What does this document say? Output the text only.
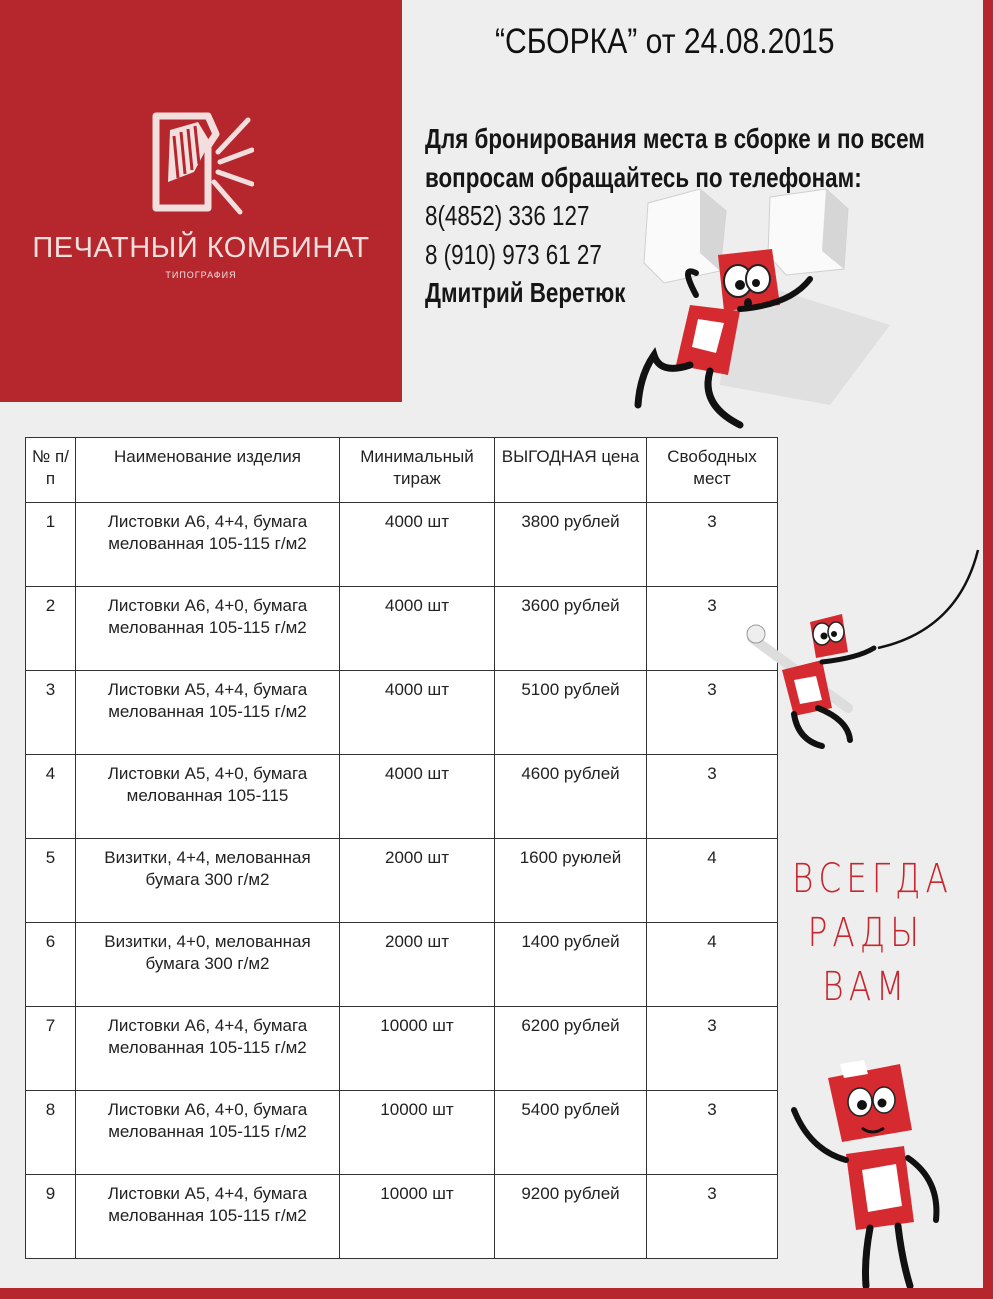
ПЕЧАТНЫЙ КОМБИНАТ
ТИПОГРАФИЯ
“СБОРКА” от 24.08.2015
Для бронирования места в сборке и по всем
вопросам обращайтесь по телефонам:
8(4852) 336 127
8 (910) 973 61 27
Дмитрий Веретюк
№ п/п	Наименование изделия	Минимальный тираж	ВЫГОДНАЯ цена	Свободных мест
1	Листовки А6, 4+4, бумага мелованная 105-115 г/м2	4000 шт	3800 рублей	3
2	Листовки А6, 4+0, бумага мелованная 105-115 г/м2	4000 шт	3600 рублей	3
3	Листовки А5, 4+4, бумага мелованная 105-115 г/м2	4000 шт	5100 рублей	3
4	Листовки А5, 4+0, бумага мелованная 105-115	4000 шт	4600 рублей	3
5	Визитки, 4+4, мелованная бумага 300 г/м2	2000 шт	1600 руюлей	4
6	Визитки, 4+0, мелованная бумага 300 г/м2	2000 шт	1400 рублей	4
7	Листовки А6, 4+4, бумага мелованная 105-115 г/м2	10000 шт	6200 рублей	3
8	Листовки А6, 4+0, бумага мелованная 105-115 г/м2	10000 шт	5400 рублей	3
9	Листовки А5, 4+4, бумага мелованная 105-115 г/м2	10000 шт	9200 рублей	3
ВСЕГДА
РАДЫ
ВАМ
